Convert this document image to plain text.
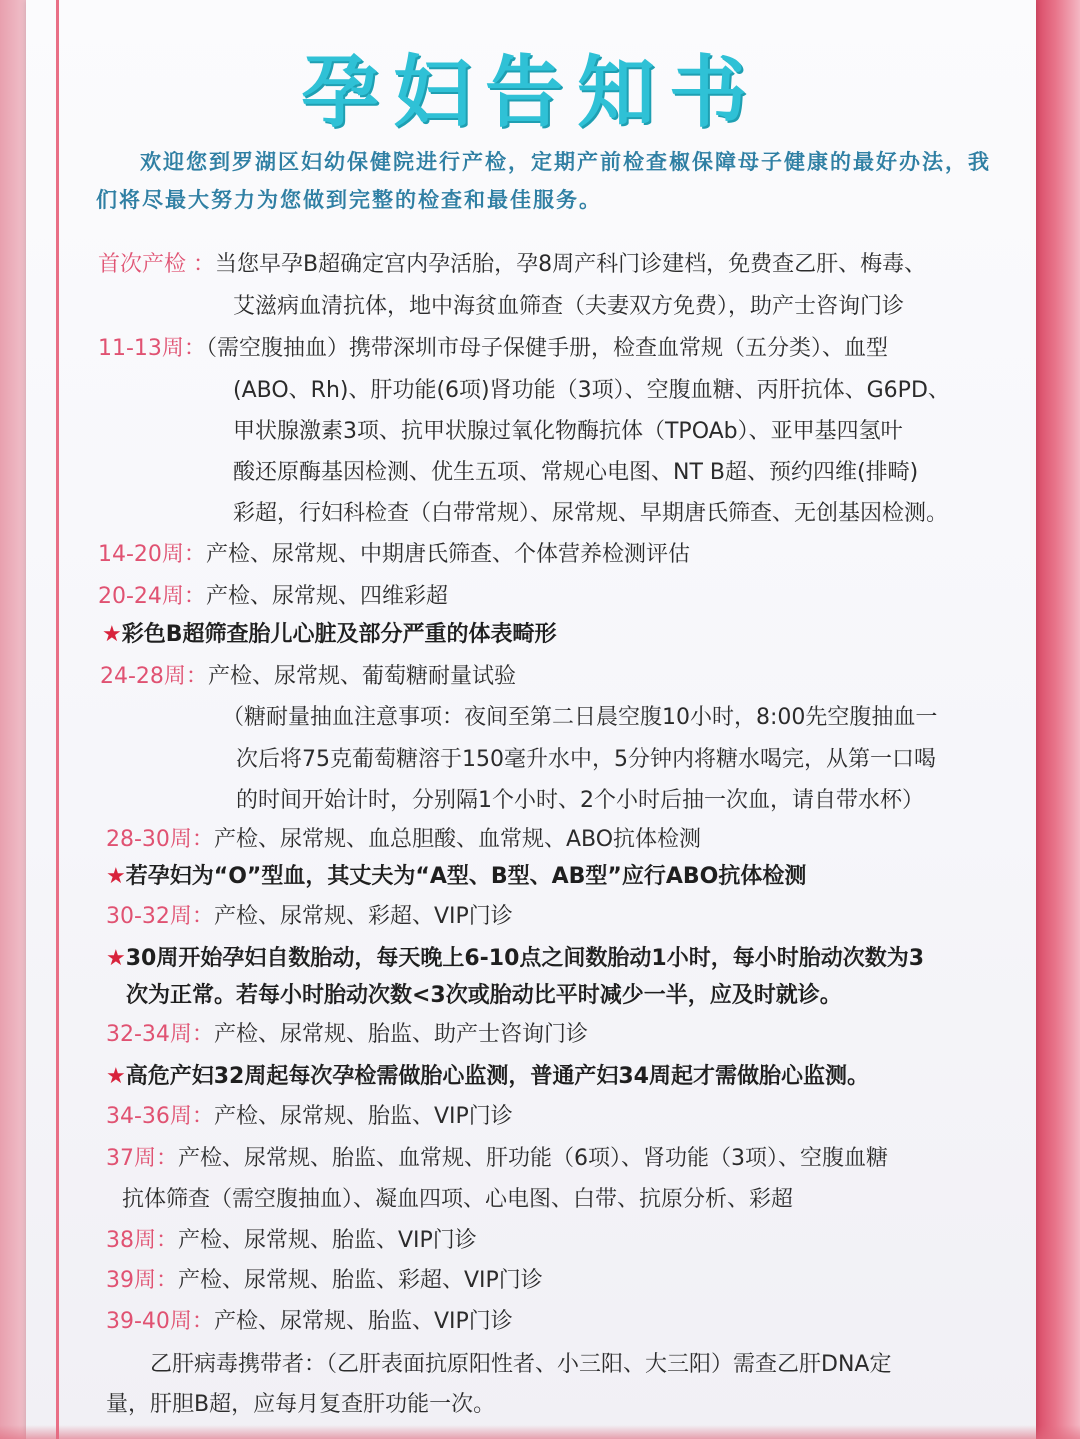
孕妇告知书
欢迎您到罗湖区妇幼保健院进行产检，定期产前检查椒保障母子健康的最好办法，我们将尽最大努力为您做到完整的检查和最佳服务。
首次产检 ：当您早孕B超确定宫内孕活胎，孕8周产科门诊建档，免费查乙肝、梅毒、
艾滋病血清抗体，地中海贫血筛查（夫妻双方免费），助产士咨询门诊
11-13周：（需空腹抽血）携带深圳市母子保健手册，检查血常规（五分类）、血型
(ABO、Rh)、肝功能(6项)肾功能（3项）、空腹血糖、丙肝抗体、G6PD、
甲状腺激素3项、抗甲状腺过氧化物酶抗体（TPOAb）、亚甲基四氢叶
酸还原酶基因检测、优生五项、常规心电图、NT B超、预约四维(排畸)
彩超，行妇科检查（白带常规）、尿常规、早期唐氏筛查、无创基因检测。
14-20周：产检、尿常规、中期唐氏筛查、个体营养检测评估
20-24周：产检、尿常规、四维彩超
★彩色B超筛查胎儿心脏及部分严重的体表畸形
24-28周：产检、尿常规、葡萄糖耐量试验
（糖耐量抽血注意事项：夜间至第二日晨空腹10小时，8:00先空腹抽血一
次后将75克葡萄糖溶于150毫升水中，5分钟内将糖水喝完，从第一口喝
的时间开始计时，分别隔1个小时、2个小时后抽一次血，请自带水杯）
28-30周：产检、尿常规、血总胆酸、血常规、ABO抗体检测
★若孕妇为“O”型血，其丈夫为“A型、B型、AB型”应行ABO抗体检测
30-32周：产检、尿常规、彩超、VIP门诊
★30周开始孕妇自数胎动，每天晚上6-10点之间数胎动1小时，每小时胎动次数为3
次为正常。若每小时胎动次数<3次或胎动比平时减少一半，应及时就诊。
32-34周：产检、尿常规、胎监、助产士咨询门诊
★高危产妇32周起每次孕检需做胎心监测，普通产妇34周起才需做胎心监测。
34-36周：产检、尿常规、胎监、VIP门诊
37周：产检、尿常规、胎监、血常规、肝功能（6项）、肾功能（3项）、空腹血糖
抗体筛查（需空腹抽血）、凝血四项、心电图、白带、抗原分析、彩超
38周：产检、尿常规、胎监、VIP门诊
39周：产检、尿常规、胎监、彩超、VIP门诊
39-40周：产检、尿常规、胎监、VIP门诊
乙肝病毒携带者：（乙肝表面抗原阳性者、小三阳、大三阳）需查乙肝DNA定
量，肝胆B超，应每月复查肝功能一次。
